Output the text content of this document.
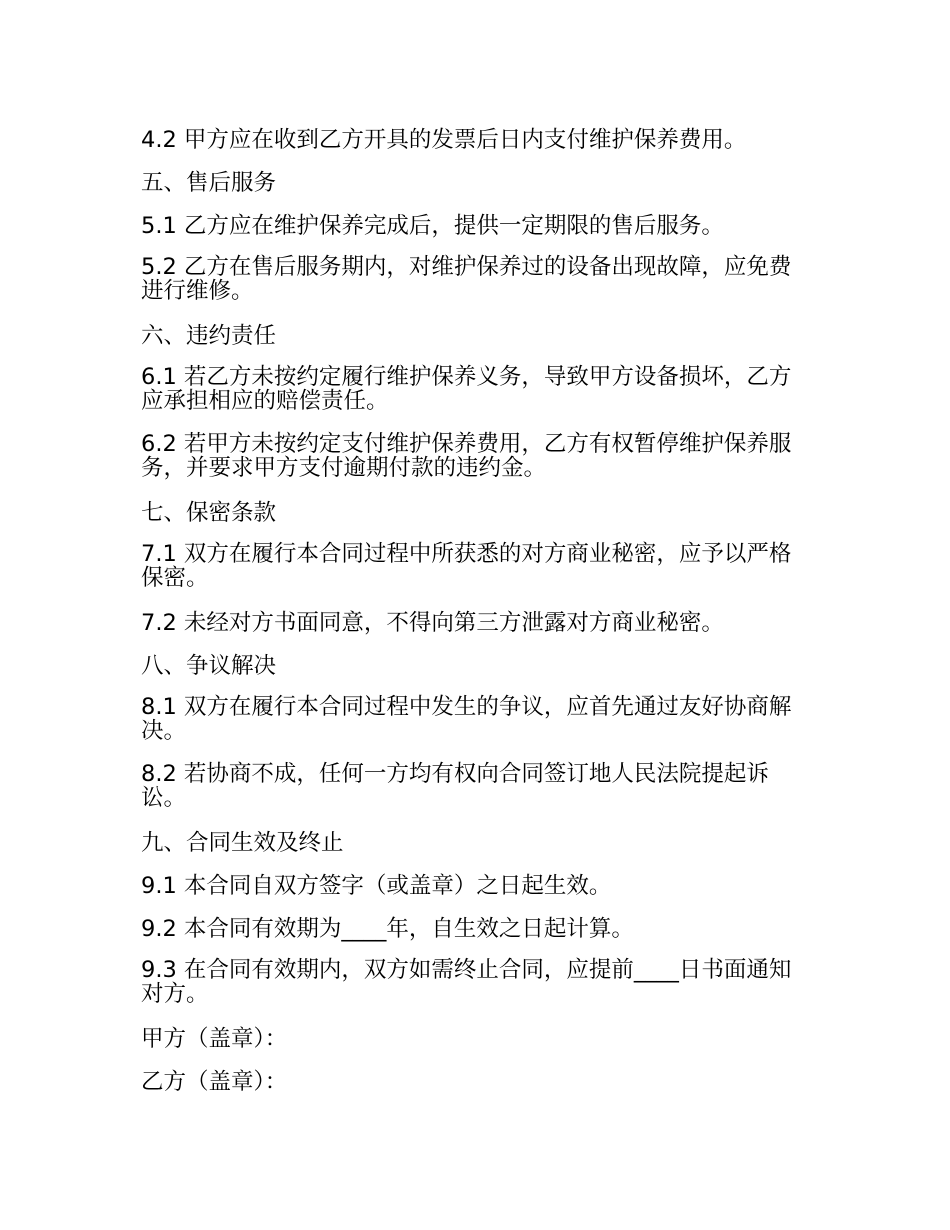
4.2 甲方应在收到乙方开具的发票后日内支付维护保养费用。

五、售后服务

5.1 乙方应在维护保养完成后，提供一定期限的售后服务。

5.2 乙方在售后服务期内，对维护保养过的设备出现故障，应免费进行维修。

六、违约责任

6.1 若乙方未按约定履行维护保养义务，导致甲方设备损坏，乙方应承担相应的赔偿责任。

6.2 若甲方未按约定支付维护保养费用，乙方有权暂停维护保养服务，并要求甲方支付逾期付款的违约金。

七、保密条款

7.1 双方在履行本合同过程中所获悉的对方商业秘密，应予以严格保密。

7.2 未经对方书面同意，不得向第三方泄露对方商业秘密。

八、争议解决

8.1 双方在履行本合同过程中发生的争议，应首先通过友好协商解决。

8.2 若协商不成，任何一方均有权向合同签订地人民法院提起诉讼。

九、合同生效及终止

9.1 本合同自双方签字（或盖章）之日起生效。

9.2 本合同有效期为____年，自生效之日起计算。

9.3 在合同有效期内，双方如需终止合同，应提前____日书面通知对方。

甲方（盖章）：

乙方（盖章）：
